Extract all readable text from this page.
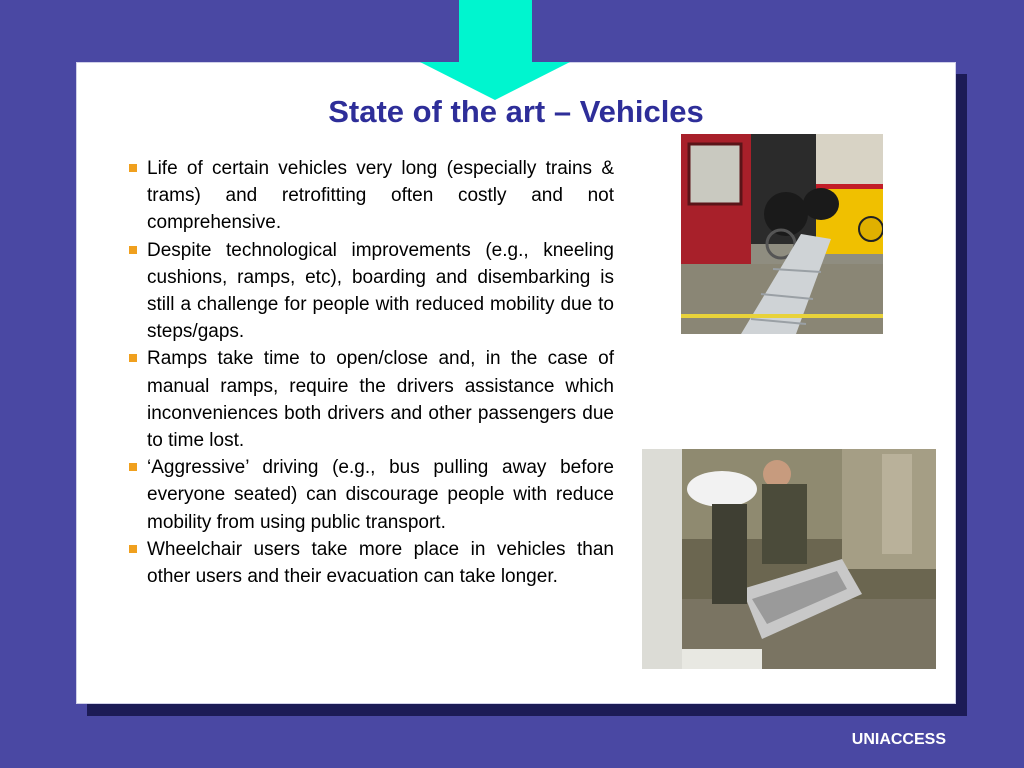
State of the art – Vehicles
Life of certain vehicles very long (especially trains & trams) and retrofitting often costly and not comprehensive.
Despite technological improvements (e.g., kneeling cushions, ramps, etc), boarding and disembarking is still a challenge for people with reduced mobility due to steps/gaps.
Ramps take time to open/close and, in the case of manual ramps, require the drivers assistance which inconveniences both drivers and other passengers due to time lost.
‘Aggressive’ driving (e.g., bus pulling away before everyone seated) can discourage people with reduce mobility from using public transport.
Wheelchair users take more place in vehicles than other users and their evacuation can take longer.
UNIACCESS
